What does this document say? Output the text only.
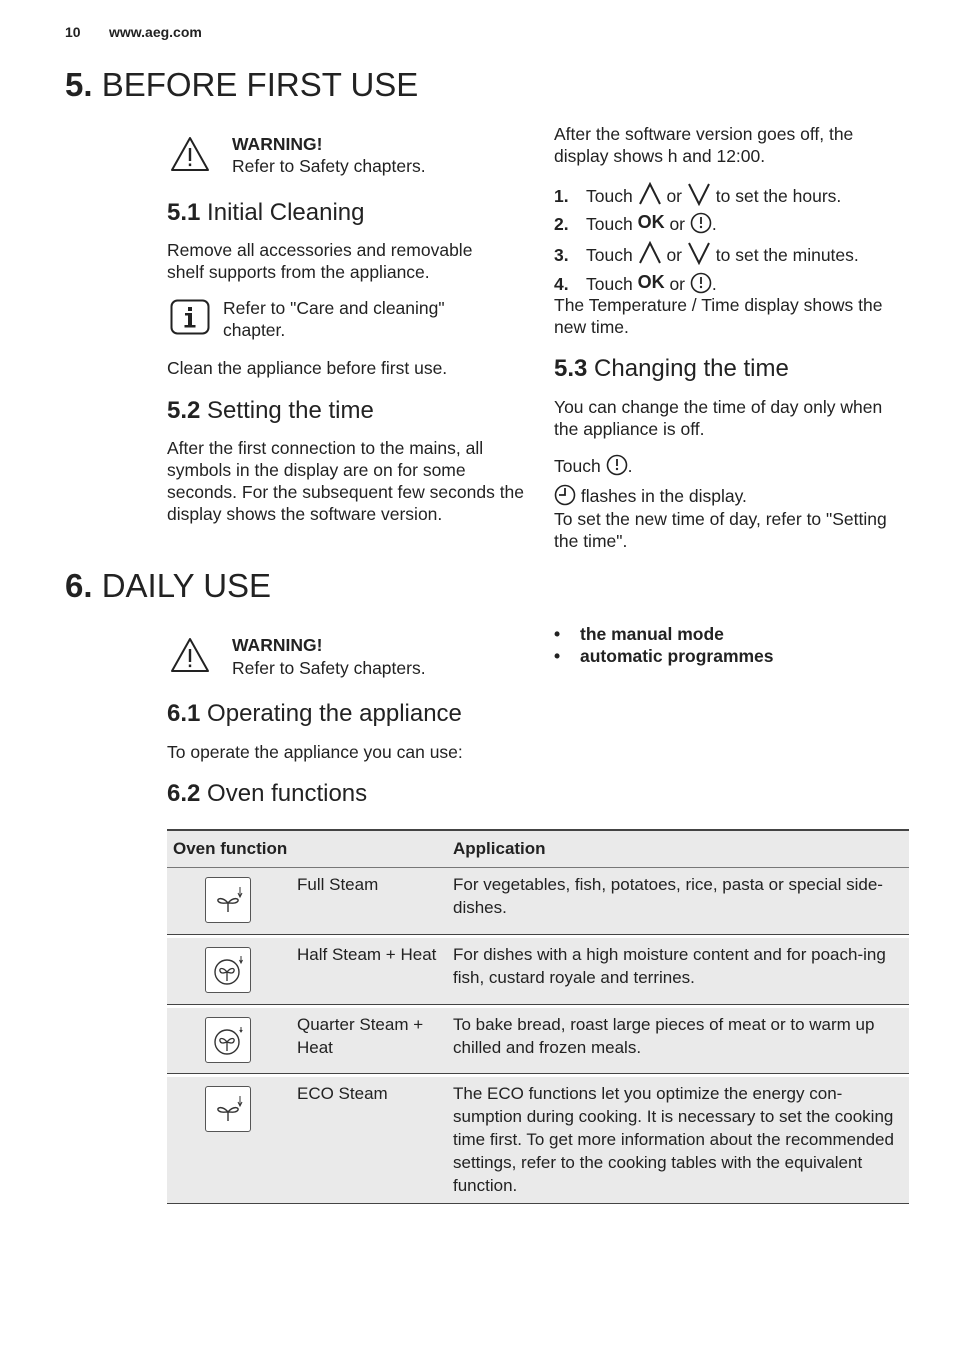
10 www.aeg.com
5. BEFORE FIRST USE
WARNING!
Refer to Safety chapters.
5.1 Initial Cleaning

Remove all accessories and removable shelf supports from the appliance.

Refer to "Care and cleaning" chapter.

Clean the appliance before first use.

5.2 Setting the time

After the first connection to the mains, all symbols in the display are on for some seconds. For the subsequent few seconds the display shows the software version.

After the software version goes off, the display shows h and 12:00.

1. Touch or to set the hours.
2. Touch OK or .
3. Touch or to set the minutes.
4. Touch OK or .

The Temperature / Time display shows the new time.

5.3 Changing the time

You can change the time of day only when the appliance is off.

Touch .
flashes in the display.

To set the new time of day, refer to "Setting the time".

6. DAILY USE
WARNING!
Refer to Safety chapters.
• the manual mode
• automatic programmes
6.1 Operating the appliance

To operate the appliance you can use:

6.2 Oven functions
Oven function		Application

	Full Steam	For vegetables, fish, potatoes, rice, pasta or special side-dishes.

	Half Steam + Heat	For dishes with a high moisture content and for poach-ing fish, custard royale and terrines.

	Quarter Steam + Heat	To bake bread, roast large pieces of meat or to warm up chilled and frozen meals.

	ECO Steam	The ECO functions let you optimize the energy con-sumption during cooking. It is necessary to set the cooking time first. To get more information about the recommended settings, refer to the cooking tables with the equivalent function.
